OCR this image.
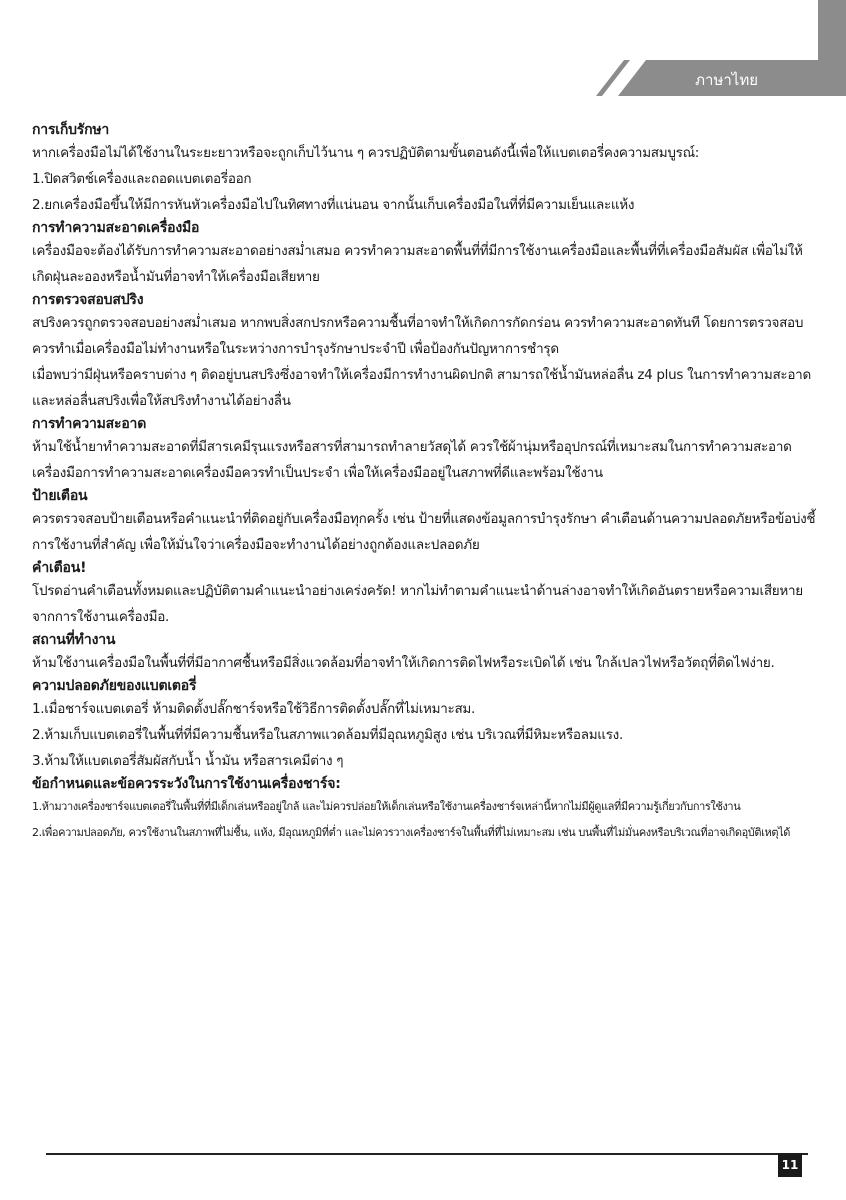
ภาษาไทย
การเก็บรักษา
หากเครื่องมือไม่ได้ใช้งานในระยะยาวหรือจะถูกเก็บไว้นาน ๆ ควรปฏิบัติตามขั้นตอนดังนี้เพื่อให้แบตเตอรี่คงความสมบูรณ์:
1.ปิดสวิตช์เครื่องและถอดแบตเตอรี่ออก
2.ยกเครื่องมือขึ้นให้มีการหันหัวเครื่องมือไปในทิศทางที่แน่นอน จากนั้นเก็บเครื่องมือในที่ที่มีความเย็นและแห้ง
การทำความสะอาดเครื่องมือ
เครื่องมือจะต้องได้รับการทำความสะอาดอย่างสม่ำเสมอ ควรทำความสะอาดพื้นที่ที่มีการใช้งานเครื่องมือและพื้นที่ที่เครื่องมือสัมผัส เพื่อไม่ให้เกิดฝุ่นละอองหรือน้ำมันที่อาจทำให้เครื่องมือเสียหาย
การตรวจสอบสปริง
สปริงควรถูกตรวจสอบอย่างสม่ำเสมอ หากพบสิ่งสกปรกหรือความชื้นที่อาจทำให้เกิดการกัดกร่อน ควรทำความสะอาดทันที โดยการตรวจสอบควรทำเมื่อเครื่องมือไม่ทำงานหรือในระหว่างการบำรุงรักษาประจำปี เพื่อป้องกันปัญหาการชำรุด
เมื่อพบว่ามีฝุ่นหรือคราบต่าง ๆ ติดอยู่บนสปริงซึ่งอาจทำให้เครื่องมีการทำงานผิดปกติ สามารถใช้น้ำมันหล่อลื่น z4 plus ในการทำความสะอาดและหล่อลื่นสปริงเพื่อให้สปริงทำงานได้อย่างลื่น
การทำความสะอาด
ห้ามใช้น้ำยาทำความสะอาดที่มีสารเคมีรุนแรงหรือสารที่สามารถทำลายวัสดุได้ ควรใช้ผ้านุ่มหรืออุปกรณ์ที่เหมาะสมในการทำความสะอาดเครื่องมือการทำความสะอาดเครื่องมือควรทำเป็นประจำ เพื่อให้เครื่องมืออยู่ในสภาพที่ดีและพร้อมใช้งาน
ป้ายเตือน
ควรตรวจสอบป้ายเตือนหรือคำแนะนำที่ติดอยู่กับเครื่องมือทุกครั้ง เช่น ป้ายที่แสดงข้อมูลการบำรุงรักษา คำเตือนด้านความปลอดภัยหรือข้อบ่งชี้การใช้งานที่สำคัญ เพื่อให้มั่นใจว่าเครื่องมือจะทำงานได้อย่างถูกต้องและปลอดภัย
คำเตือน!
โปรดอ่านคำเตือนทั้งหมดและปฏิบัติตามคำแนะนำอย่างเคร่งครัด! หากไม่ทำตามคำแนะนำด้านล่างอาจทำให้เกิดอันตรายหรือความเสียหายจากการใช้งานเครื่องมือ.
สถานที่ทำงาน
ห้ามใช้งานเครื่องมือในพื้นที่ที่มีอากาศชื้นหรือมีสิ่งแวดล้อมที่อาจทำให้เกิดการติดไฟหรือระเบิดได้ เช่น ใกล้เปลวไฟหรือวัตถุที่ติดไฟง่าย.
ความปลอดภัยของแบตเตอรี่
1.เมื่อชาร์จแบตเตอรี่ ห้ามติดตั้งปลั๊กชาร์จหรือใช้วิธีการติดตั้งปลั๊กที่ไม่เหมาะสม.
2.ห้ามเก็บแบตเตอรี่ในพื้นที่ที่มีความชื้นหรือในสภาพแวดล้อมที่มีอุณหภูมิสูง เช่น บริเวณที่มีหิมะหรือลมแรง.
3.ห้ามให้แบตเตอรี่สัมผัสกับน้ำ น้ำมัน หรือสารเคมีต่าง ๆ
ข้อกำหนดและข้อควรระวังในการใช้งานเครื่องชาร์จ:
1.ห้ามวางเครื่องชาร์จแบตเตอรี่ในพื้นที่ที่มีเด็กเล่นหรืออยู่ใกล้ และไม่ควรปล่อยให้เด็กเล่นหรือใช้งานเครื่องชาร์จเหล่านี้หากไม่มีผู้ดูแลที่มีความรู้เกี่ยวกับการใช้งาน
2.เพื่อความปลอดภัย, ควรใช้งานในสภาพที่ไม่ชื้น, แห้ง, มีอุณหภูมิที่ต่ำ และไม่ควรวางเครื่องชาร์จในพื้นที่ที่ไม่เหมาะสม เช่น บนพื้นที่ไม่มั่นคงหรือบริเวณที่อาจเกิดอุบัติเหตุได้
11
